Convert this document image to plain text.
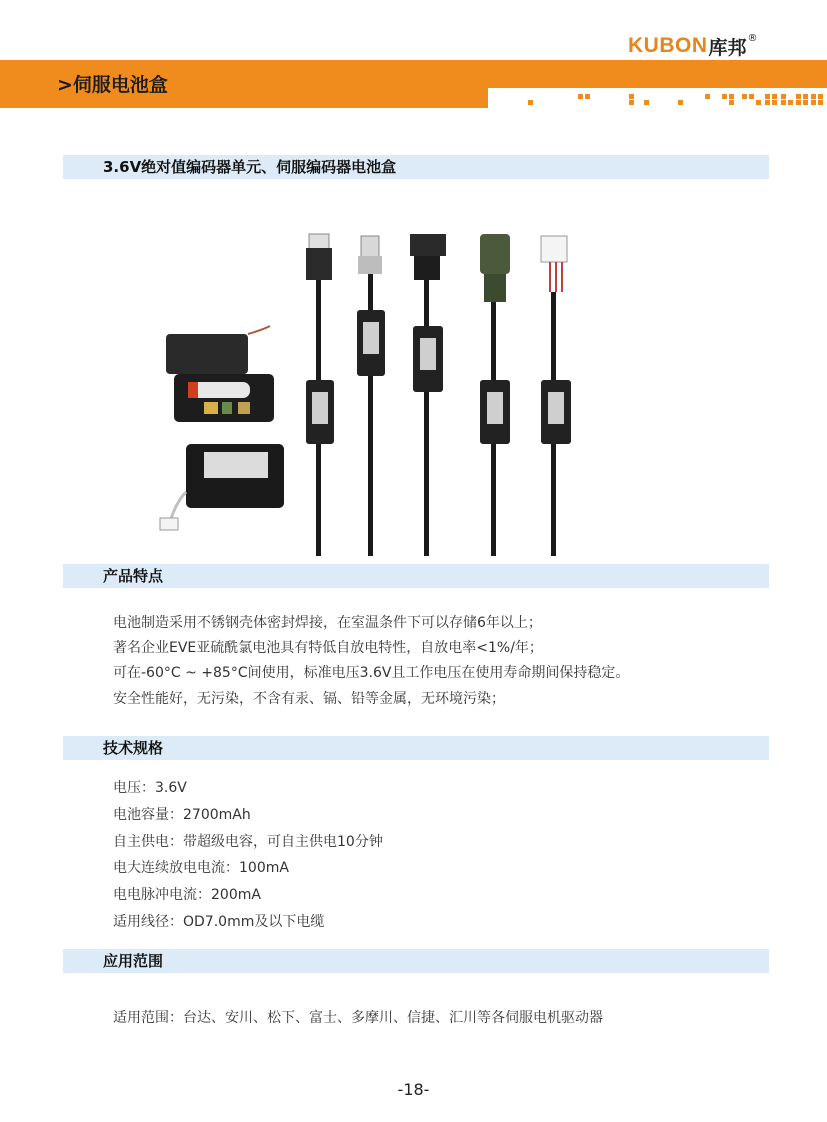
KUBON 库邦 ®
>伺服电池盒
3.6V绝对值编码器单元、伺服编码器电池盒
产品特点
电池制造采用不锈钢壳体密封焊接，在室温条件下可以存储6年以上；
著名企业EVE亚硫酰氯电池具有特低自放电特性，自放电率<1%/年；
可在-60°C ~ +85°C间使用，标准电压3.6V且工作电压在使用寿命期间保持稳定。
安全性能好，无污染，不含有汞、镉、铅等金属，无环境污染；
技术规格
电压：3.6V
电池容量：2700mAh
自主供电：带超级电容，可自主供电10分钟
电大连续放电电流：100mA
电电脉冲电流：200mA
适用线径：OD7.0mm及以下电缆
应用范围
适用范围：台达、安川、松下、富士、多摩川、信捷、汇川等各伺服电机驱动器
-18-
